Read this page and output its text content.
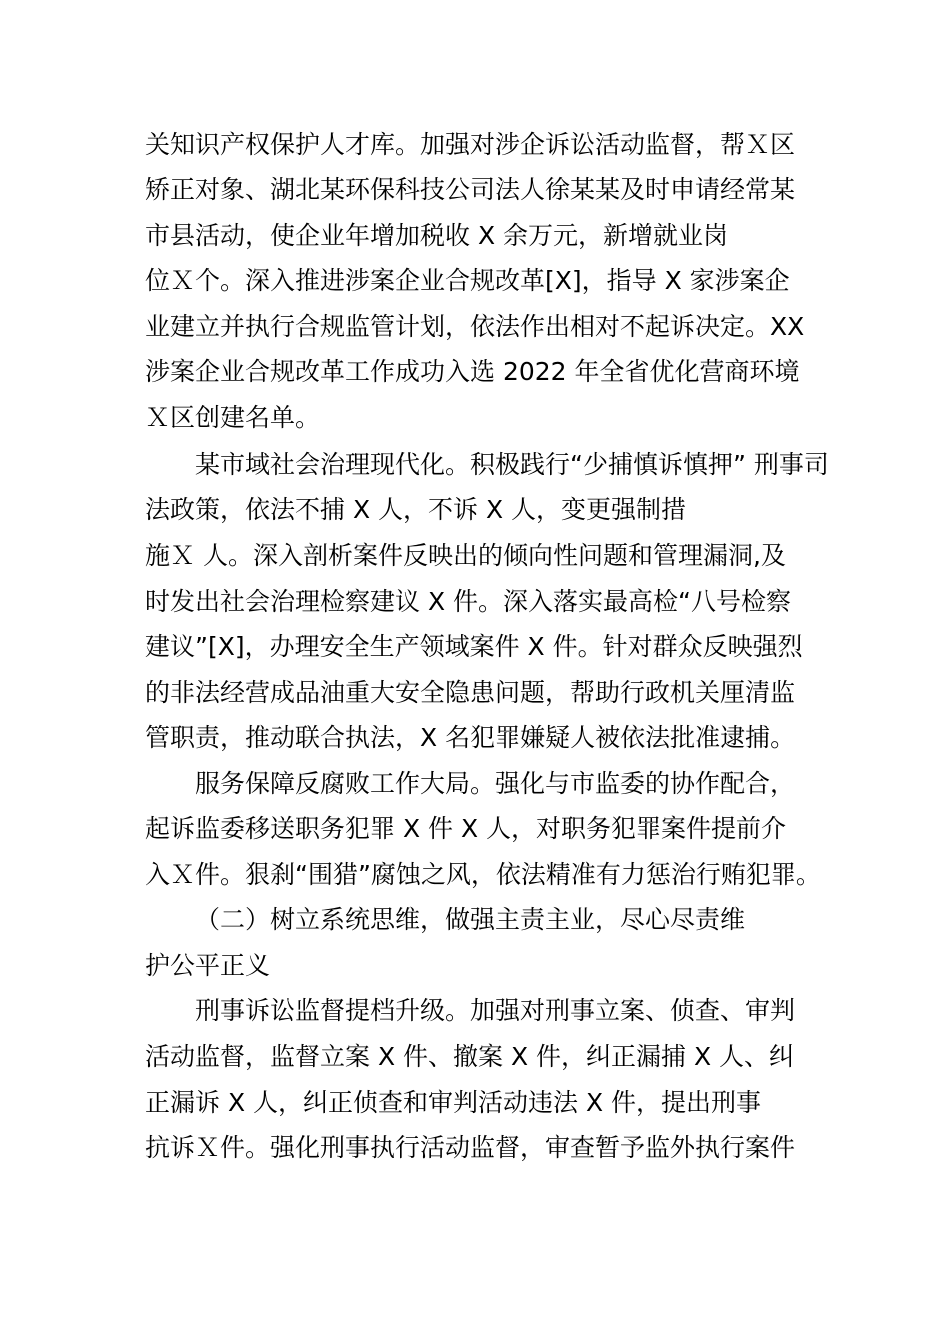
关知识产权保护人才库。加强对涉企诉讼活动监督，帮Ｘ区
矫正对象、湖北某环保科技公司法人徐某某及时申请经常某
市县活动，使企业年增加税收 X 余万元，新增就业岗
位Ｘ个。深入推进涉案企业合规改革[X]，指导 X 家涉案企
业建立并执行合规监管计划，依法作出相对不起诉决定。XX
涉案企业合规改革工作成功入选 2022 年全省优化营商环境
Ｘ区创建名单。
某市域社会治理现代化。积极践行“少捕慎诉慎押” 刑事司
法政策，依法不捕 X 人，不诉 X 人，变更强制措
施Ｘ 人。深入剖析案件反映出的倾向性问题和管理漏洞,及
时发出社会治理检察建议 X 件。深入落实最高检“八号检察
建议”[X]，办理安全生产领域案件 X 件。针对群众反映强烈
的非法经营成品油重大安全隐患问题，帮助行政机关厘清监
管职责，推动联合执法，X 名犯罪嫌疑人被依法批准逮捕。
服务保障反腐败工作大局。强化与市监委的协作配合，
起诉监委移送职务犯罪 X 件 X 人，对职务犯罪案件提前介
入Ｘ件。狠刹“围猎”腐蚀之风，依法精准有力惩治行贿犯罪。
（二）树立系统思维，做强主责主业，尽心尽责维
护公平正义
刑事诉讼监督提档升级。加强对刑事立案、侦查、审判
活动监督，监督立案 X 件、撤案 X 件，纠正漏捕 X 人、纠
正漏诉 X 人，纠正侦查和审判活动违法 X 件，提出刑事
抗诉Ｘ件。强化刑事执行活动监督，审查暂予监外执行案件
